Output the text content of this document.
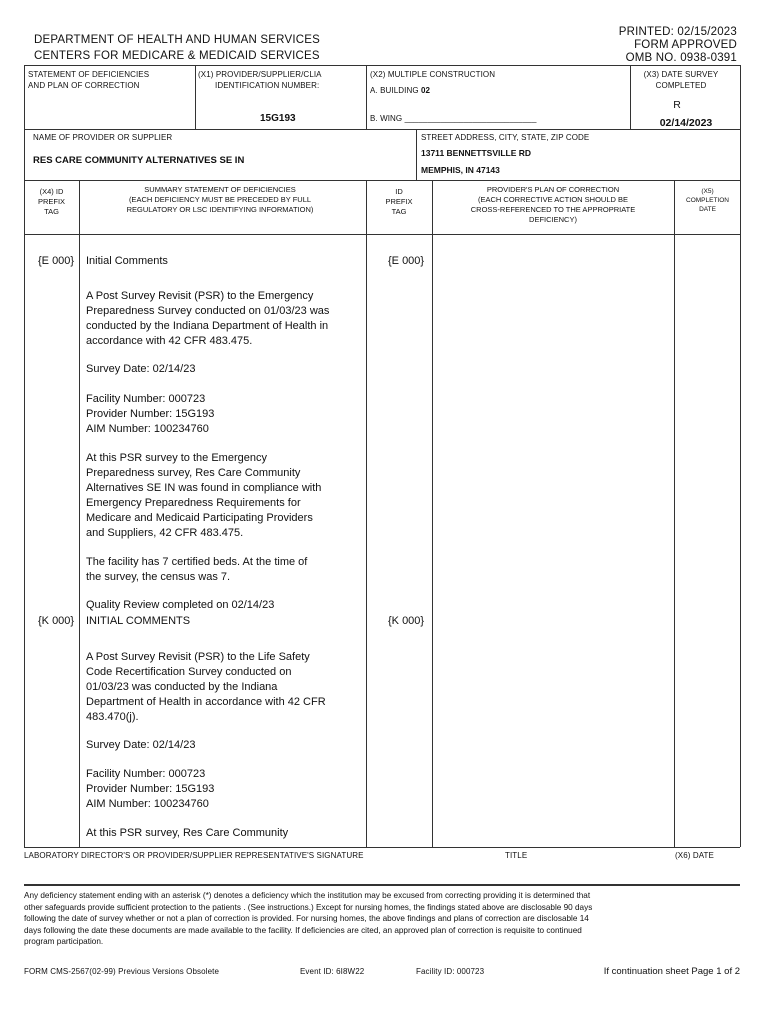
DEPARTMENT OF HEALTH AND HUMAN SERVICES
CENTERS FOR MEDICARE & MEDICAID SERVICES
PRINTED: 02/15/2023
FORM APPROVED
OMB NO. 0938-0391
STATEMENT OF DEFICIENCIES
AND PLAN OF CORRECTION
(X1) PROVIDER/SUPPLIER/CLIA
IDENTIFICATION NUMBER:
15G193
(X2) MULTIPLE CONSTRUCTION
A. BUILDING 02
B. WING _____________________________
(X3) DATE SURVEY
COMPLETED
R
02/14/2023
NAME OF PROVIDER OR SUPPLIER
RES CARE COMMUNITY ALTERNATIVES SE IN
STREET ADDRESS, CITY, STATE, ZIP CODE
13711 BENNETTSVILLE RD
MEMPHIS, IN 47143
(X4) ID
PREFIX
TAG
SUMMARY STATEMENT OF DEFICIENCIES
(EACH DEFICIENCY MUST BE PRECEDED BY FULL
REGULATORY OR LSC IDENTIFYING INFORMATION)
ID
PREFIX
TAG
PROVIDER'S PLAN OF CORRECTION
(EACH CORRECTIVE ACTION SHOULD BE
CROSS-REFERENCED TO THE APPROPRIATE
DEFICIENCY)
(X5)
COMPLETION
DATE
{E 000} Initial Comments	{E 000}
A Post Survey Revisit (PSR) to the Emergency
Preparedness Survey conducted on 01/03/23 was
conducted by the Indiana Department of Health in
accordance with 42 CFR 483.475.
Survey Date: 02/14/23
Facility Number: 000723
Provider Number: 15G193
AIM Number: 100234760
At this PSR survey to the Emergency
Preparedness survey, Res Care Community
Alternatives SE IN was found in compliance with
Emergency Preparedness Requirements for
Medicare and Medicaid Participating Providers
and Suppliers, 42 CFR 483.475.
The facility has 7 certified beds. At the time of
the survey, the census was 7.
Quality Review completed on 02/14/23
{K 000} INITIAL COMMENTS	{K 000}
A Post Survey Revisit (PSR) to the Life Safety
Code Recertification Survey conducted on
01/03/23 was conducted by the Indiana
Department of Health in accordance with 42 CFR
483.470(j).
Survey Date: 02/14/23
Facility Number: 000723
Provider Number: 15G193
AIM Number: 100234760
At this PSR survey, Res Care Community
LABORATORY DIRECTOR'S OR PROVIDER/SUPPLIER REPRESENTATIVE'S SIGNATURE	TITLE	(X6) DATE
Any deficiency statement ending with an asterisk (*) denotes a deficiency which the institution may be excused from correcting providing it is determined that
other safeguards provide sufficient protection to the patients . (See instructions.) Except for nursing homes, the findings stated above are disclosable 90 days
following the date of survey whether or not a plan of correction is provided. For nursing homes, the above findings and plans of correction are disclosable 14
days following the date these documents are made available to the facility. If deficiencies are cited, an approved plan of correction is requisite to continued
program participation.
FORM CMS-2567(02-99) Previous Versions Obsolete	Event ID: 6I8W22	Facility ID: 000723	If continuation sheet Page 1 of 2
